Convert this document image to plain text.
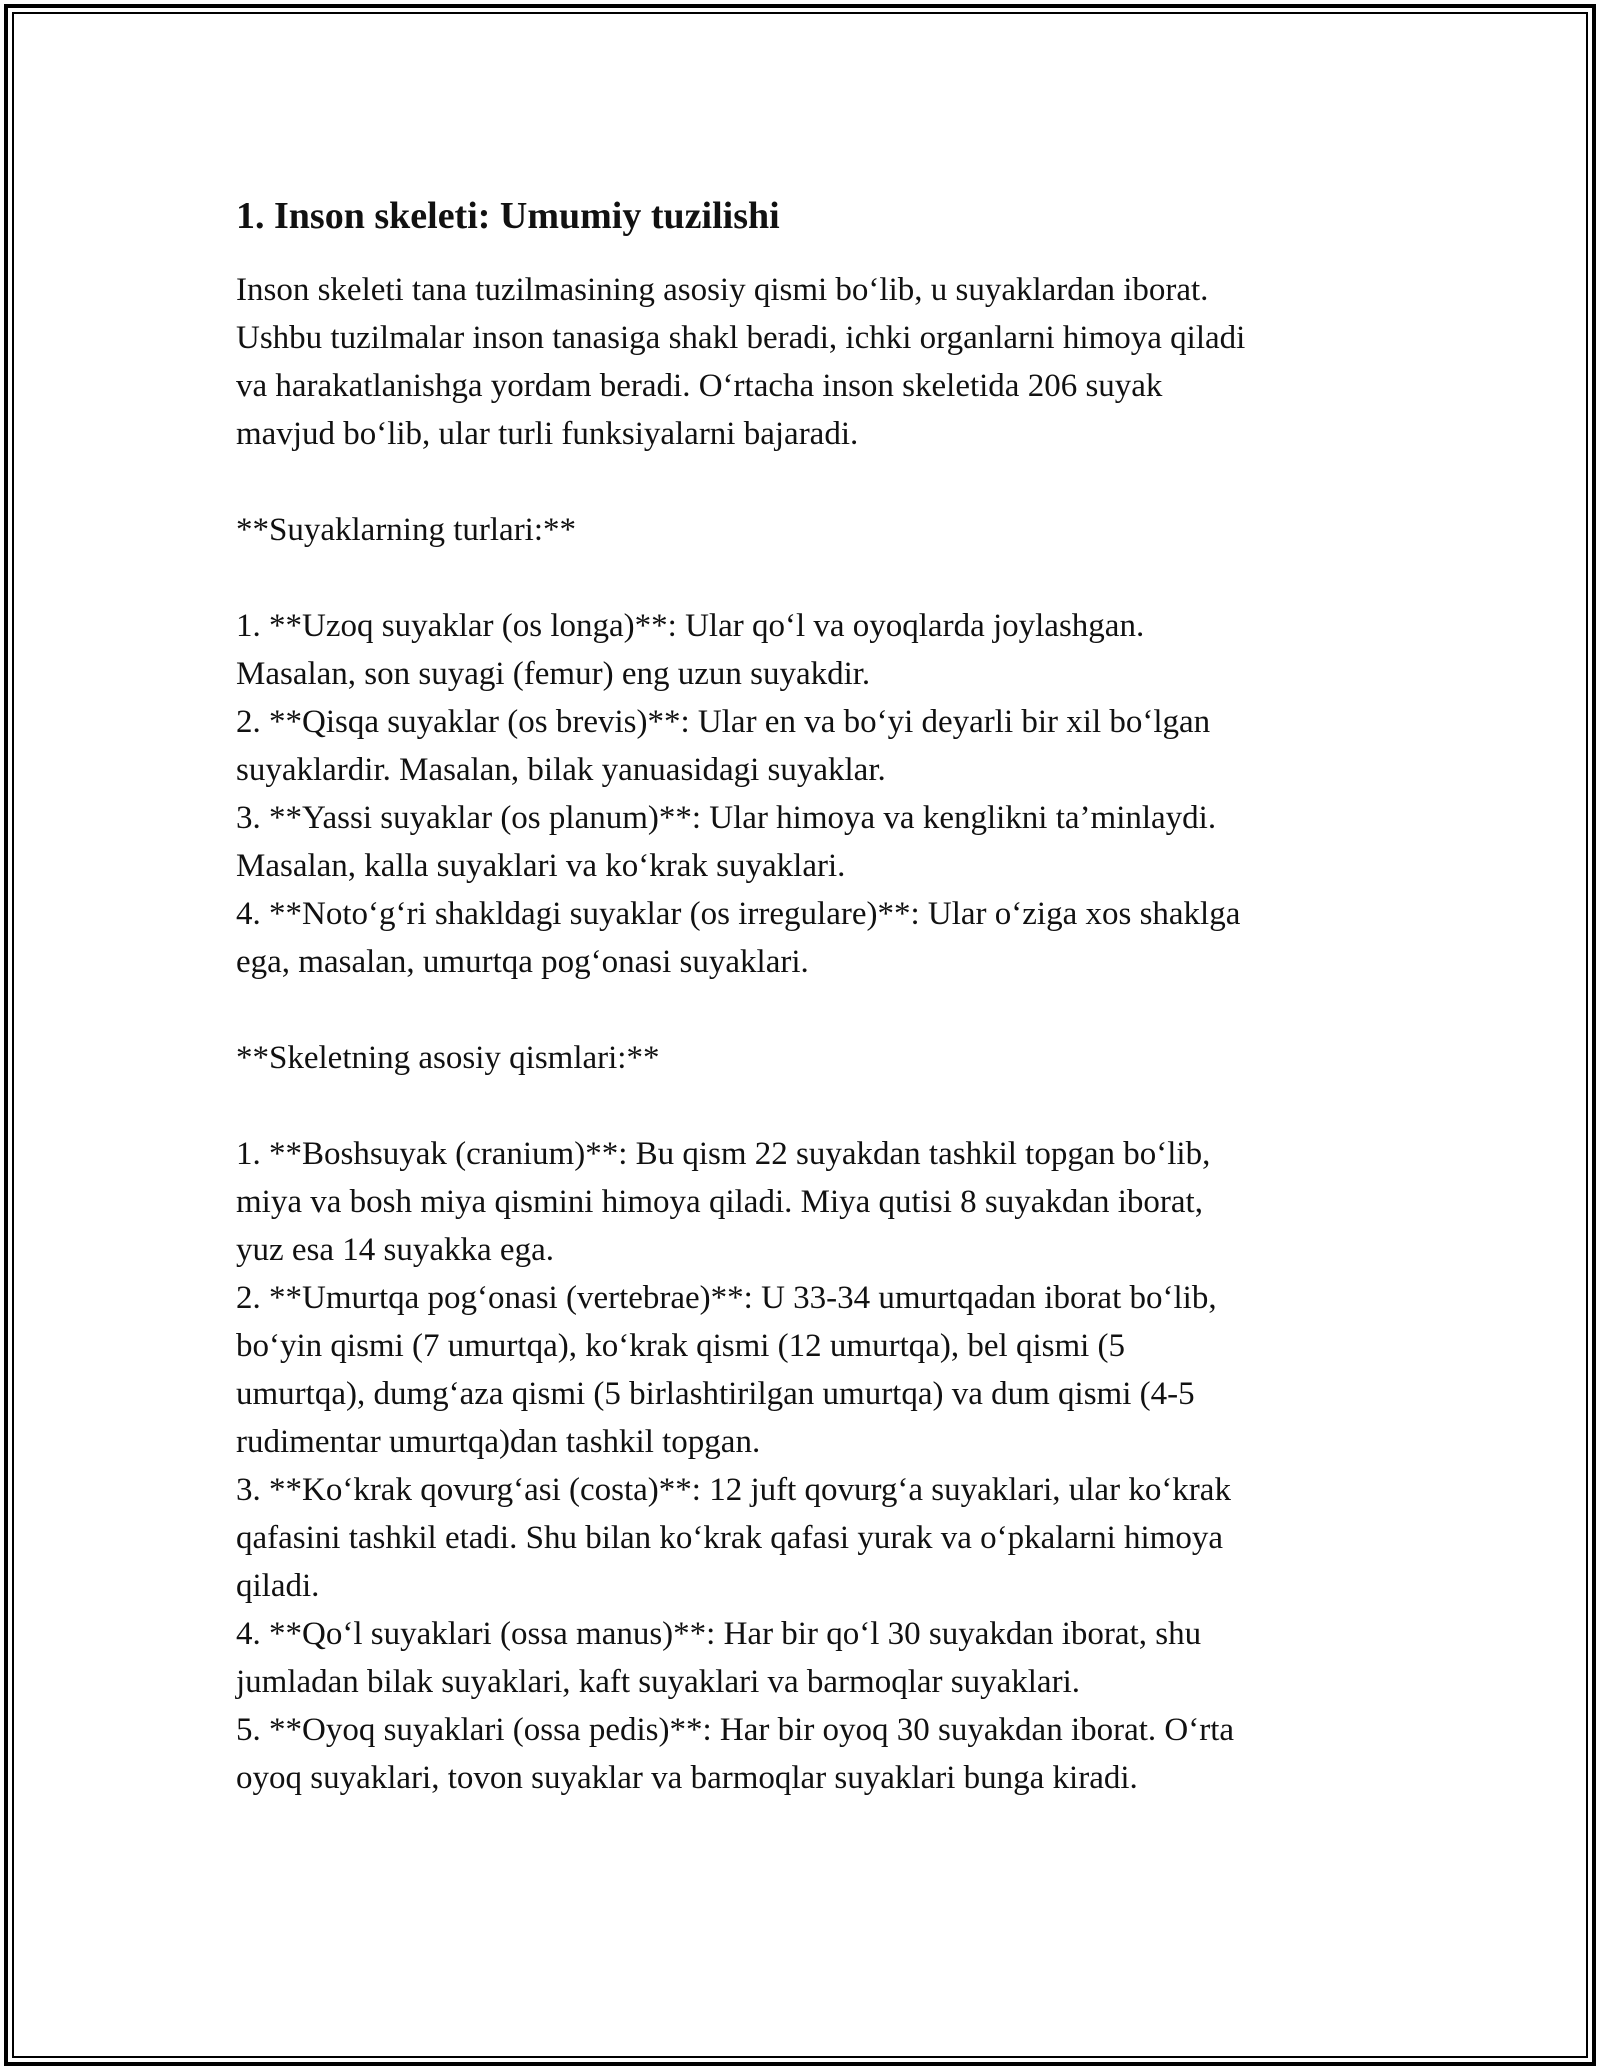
1. Inson skeleti: Umumiy tuzilishi
Inson skeleti tana tuzilmasining asosiy qismi bo‘lib, u suyaklardan iborat.
Ushbu tuzilmalar inson tanasiga shakl beradi, ichki organlarni himoya qiladi
va harakatlanishga yordam beradi. O‘rtacha inson skeletida 206 suyak
mavjud bo‘lib, ular turli funksiyalarni bajaradi.
**Suyaklarning turlari:**
1. **Uzoq suyaklar (os longa)**: Ular qo‘l va oyoqlarda joylashgan.
Masalan, son suyagi (femur) eng uzun suyakdir.
2. **Qisqa suyaklar (os brevis)**: Ular en va bo‘yi deyarli bir xil bo‘lgan
suyaklardir. Masalan, bilak yanuasidagi suyaklar.
3. **Yassi suyaklar (os planum)**: Ular himoya va kenglikni ta’minlaydi.
Masalan, kalla suyaklari va ko‘krak suyaklari.
4. **Noto‘g‘ri shakldagi suyaklar (os irregulare)**: Ular o‘ziga xos shaklga
ega, masalan, umurtqa pog‘onasi suyaklari.
**Skeletning asosiy qismlari:**
1. **Boshsuyak (cranium)**: Bu qism 22 suyakdan tashkil topgan bo‘lib,
miya va bosh miya qismini himoya qiladi. Miya qutisi 8 suyakdan iborat,
yuz esa 14 suyakka ega.
2. **Umurtqa pog‘onasi (vertebrae)**: U 33-34 umurtqadan iborat bo‘lib,
bo‘yin qismi (7 umurtqa), ko‘krak qismi (12 umurtqa), bel qismi (5
umurtqa), dumg‘aza qismi (5 birlashtirilgan umurtqa) va dum qismi (4-5
rudimentar umurtqa)dan tashkil topgan.
3. **Ko‘krak qovurg‘asi (costa)**: 12 juft qovurg‘a suyaklari, ular ko‘krak
qafasini tashkil etadi. Shu bilan ko‘krak qafasi yurak va o‘pkalarni himoya
qiladi.
4. **Qo‘l suyaklari (ossa manus)**: Har bir qo‘l 30 suyakdan iborat, shu
jumladan bilak suyaklari, kaft suyaklari va barmoqlar suyaklari.
5. **Oyoq suyaklari (ossa pedis)**: Har bir oyoq 30 suyakdan iborat. O‘rta
oyoq suyaklari, tovon suyaklar va barmoqlar suyaklari bunga kiradi.
